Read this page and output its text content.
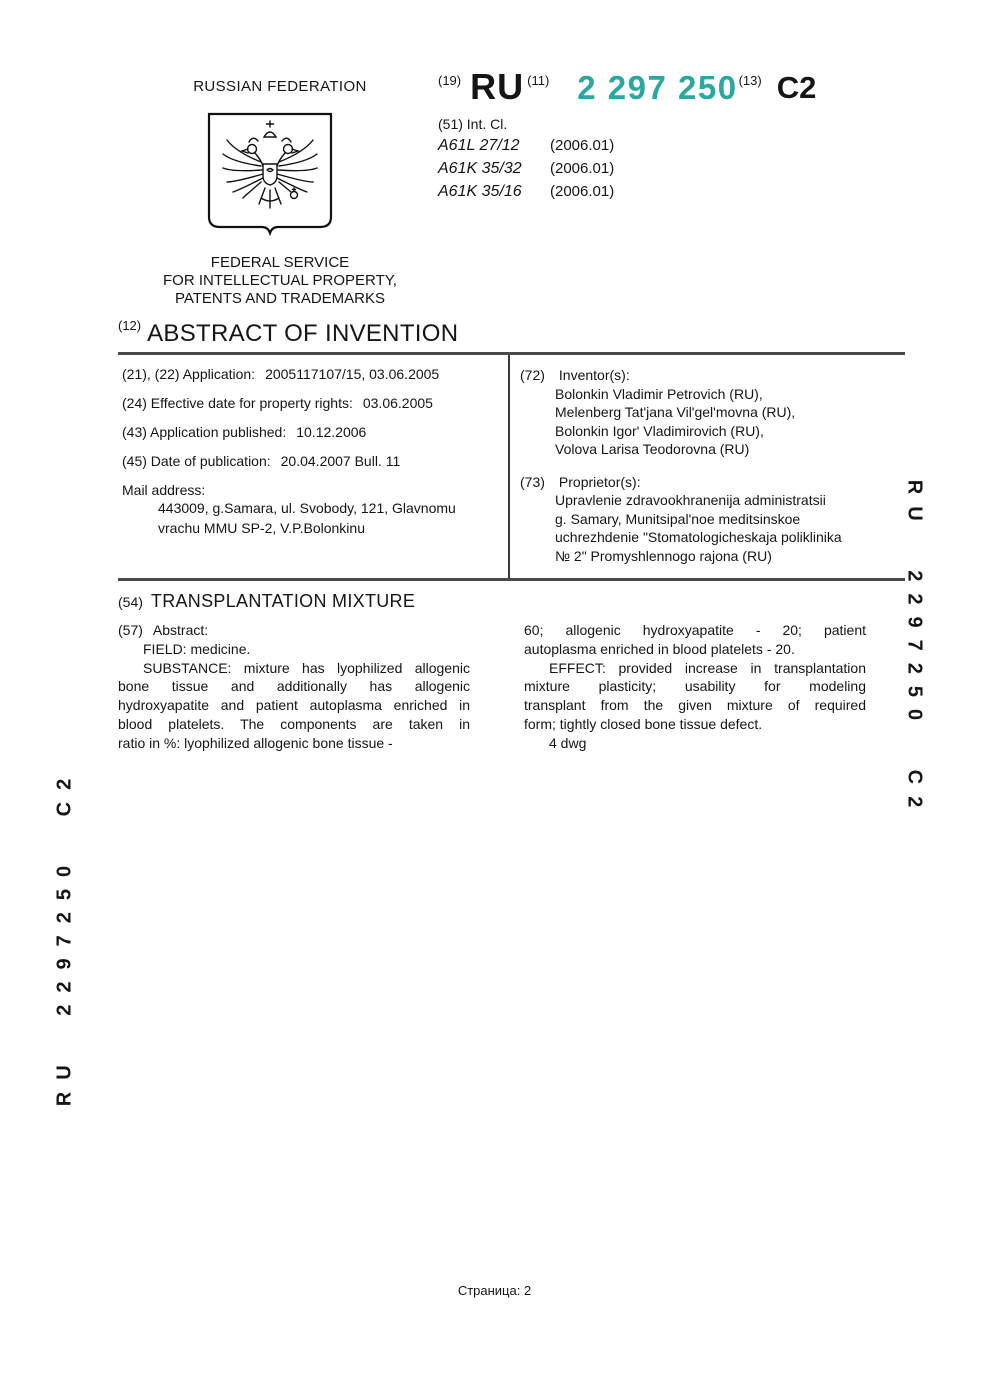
RUSSIAN FEDERATION
FEDERAL SERVICE
FOR INTELLECTUAL PROPERTY,
PATENTS AND TRADEMARKS
(19) RU (11) 2 297 250 (13) C2
(51) Int. Cl.
A61L 27/12	(2006.01)
A61K 35/32	(2006.01)
A61K 35/16	(2006.01)
$^{(12)}$ ABSTRACT OF INVENTION
(21), (22) Application: 2005117107/15, 03.06.2005
(24) Effective date for property rights: 03.06.2005
(43) Application published: 10.12.2006
(45) Date of publication: 20.04.2007 Bull. 11
Mail address:
443009, g.Samara, ul. Svobody, 121, Glavnomu
vrachu MMU SP-2, V.P.Bolonkinu
(72) Inventor(s):
Bolonkin Vladimir Petrovich (RU),
Melenberg Tat'jana Vil'gel'movna (RU),
Bolonkin Igor' Vladimirovich (RU),
Volova Larisa Teodorovna (RU)
(73) Proprietor(s):
Upravlenie zdravookhranenija administratsii
g. Samary, Munitsipal'noe meditsinskoe
uchrezhdenie "Stomatologicheskaja poliklinika
№ 2" Promyshlennogo rajona (RU)
(54) TRANSPLANTATION MIXTURE
(57) Abstract:
FIELD: medicine.
SUBSTANCE: mixture has lyophilized allogenic
bone tissue and additionally has allogenic
hydroxyapatite and patient autoplasma enriched in
blood platelets. The components are taken in
ratio in %: lyophilized allogenic bone tissue -
60; allogenic hydroxyapatite - 20; patient
autoplasma enriched in blood platelets - 20.
EFFECT: provided increase in transplantation
mixture plasticity; usability for modeling
transplant from the given mixture of required
form; tightly closed bone tissue defect.
4 dwg
RU 2297250 C2
RU 2297250 C2
Страница: 2
